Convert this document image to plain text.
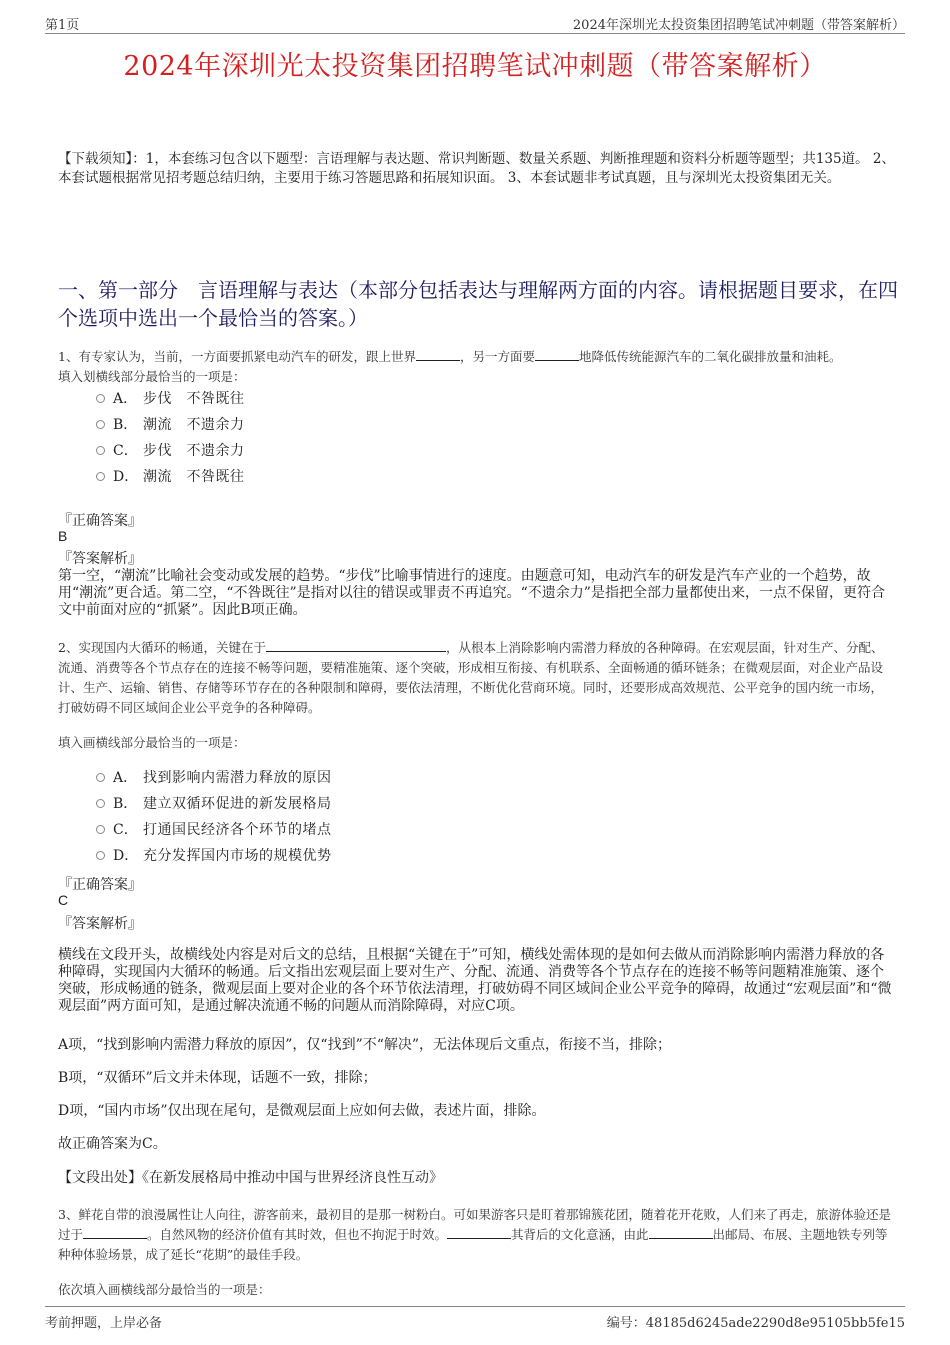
第1页	2024年深圳光太投资集团招聘笔试冲刺题（带答案解析）
2024年深圳光太投资集团招聘笔试冲刺题（带答案解析）
【下载须知】：1，本套练习包含以下题型：言语理解与表达题、常识判断题、数量关系题、判断推理题和资料分析题等题型；共135道。 2、本套试题根据常见招考题总结归纳，主要用于练习答题思路和拓展知识面。 3、本套试题非考试真题，且与深圳光太投资集团无关。
一、第一部分　言语理解与表达（本部分包括表达与理解两方面的内容。请根据题目要求，在四个选项中选出一个最恰当的答案。）
1、有专家认为，当前，一方面要抓紧电动汽车的研发，跟上世界	，另一方面要	地降低传统能源汽车的二氧化碳排放量和油耗。
填入划横线部分最恰当的一项是：
A． 步伐　不咎既往
B． 潮流　不遗余力
C． 步伐　不遗余力
D． 潮流　不咎既往
『正确答案』
B
『答案解析』
第一空，“潮流”比喻社会变动或发展的趋势。“步伐”比喻事情进行的速度。由题意可知，电动汽车的研发是汽车产业的一个趋势，故用“潮流”更合适。第二空，“不咎既往”是指对以往的错误或罪责不再追究。“不遗余力”是指把全部力量都使出来，一点不保留，更符合文中前面对应的“抓紧”。因此B项正确。
2、实现国内大循环的畅通，关键在于	，从根本上消除影响内需潜力释放的各种障碍。在宏观层面，针对生产、分配、流通、消费等各个节点存在的连接不畅等问题，要精准施策、逐个突破，形成相互衔接、有机联系、全面畅通的循环链条；在微观层面，对企业产品设计、生产、运输、销售、存储等环节存在的各种限制和障碍，要依法清理，不断优化营商环境。同时，还要形成高效规范、公平竞争的国内统一市场，打破妨碍不同区域间企业公平竞争的各种障碍。
填入画横线部分最恰当的一项是：
A． 找到影响内需潜力释放的原因
B． 建立双循环促进的新发展格局
C． 打通国民经济各个环节的堵点
D． 充分发挥国内市场的规模优势
『正确答案』
C
『答案解析』
横线在文段开头，故横线处内容是对后文的总结，且根据“关键在于”可知，横线处需体现的是如何去做从而消除影响内需潜力释放的各种障碍，实现国内大循环的畅通。后文指出宏观层面上要对生产、分配、流通、消费等各个节点存在的连接不畅等问题精准施策、逐个突破，形成畅通的链条，微观层面上要对企业的各个环节依法清理，打破妨碍不同区域间企业公平竞争的障碍，故通过“宏观层面”和“微观层面”两方面可知，是通过解决流通不畅的问题从而消除障碍，对应C项。
A项，“找到影响内需潜力释放的原因”，仅“找到”不“解决”，无法体现后文重点，衔接不当，排除；
B项，“双循环”后文并未体现，话题不一致，排除；
D项，“国内市场”仅出现在尾句，是微观层面上应如何去做，表述片面，排除。
故正确答案为C。
【文段出处】《在新发展格局中推动中国与世界经济良性互动》
3、鲜花自带的浪漫属性让人向往，游客前来，最初目的是那一树粉白。可如果游客只是盯着那锦簇花团，随着花开花败，人们来了再走，旅游体验还是过于	。自然风物的经济价值有其时效，但也不拘泥于时效。	其背后的文化意涵，由此	出邮局、布展、主题地铁专列等种种体验场景，成了延长“花期”的最佳手段。
依次填入画横线部分最恰当的一项是：
考前押题，上岸必备	编号：48185d6245ade2290d8e95105bb5fe15
